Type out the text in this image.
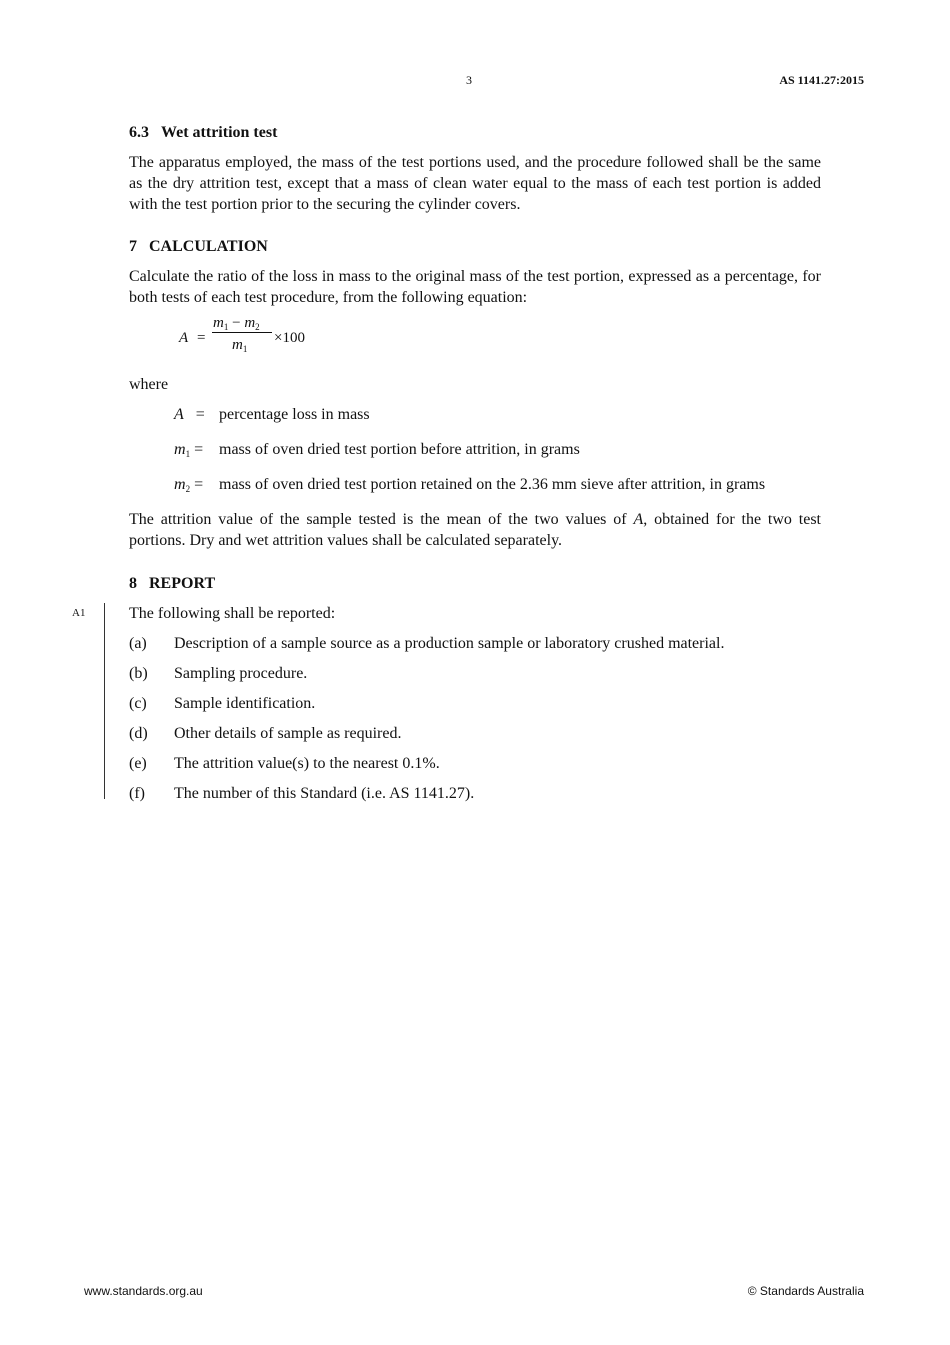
3	AS 1141.27:2015
6.3 Wet attrition test

The apparatus employed, the mass of the test portions used, and the procedure followed shall be the same as the dry attrition test, except that a mass of clean water equal to the mass of each test portion is added with the test portion prior to the securing the cylinder covers.

7 CALCULATION

Calculate the ratio of the loss in mass to the original mass of the test portion, expressed as a percentage, for both tests of each test procedure, from the following equation:

A =
$m_1 - m_2$
$m_1$
×100

where

A   = percentage loss in mass
$m_1$ = mass of oven dried test portion before attrition, in grams
$m_2$ = mass of oven dried test portion retained on the 2.36 mm sieve after attrition, in grams

The attrition value of the sample tested is the mean of the two values of A, obtained for the two test portions. Dry and wet attrition values shall be calculated separately.

8 REPORT
A1	The following shall be reported:

(a)	Description of a sample source as a production sample or laboratory crushed material.
(b)	Sampling procedure.
(c)	Sample identification.
(d)	Other details of sample as required.
(e)	The attrition value(s) to the nearest 0.1%.
(f)	The number of this Standard (i.e. AS 1141.27).
www.standards.org.au	© Standards Australia
